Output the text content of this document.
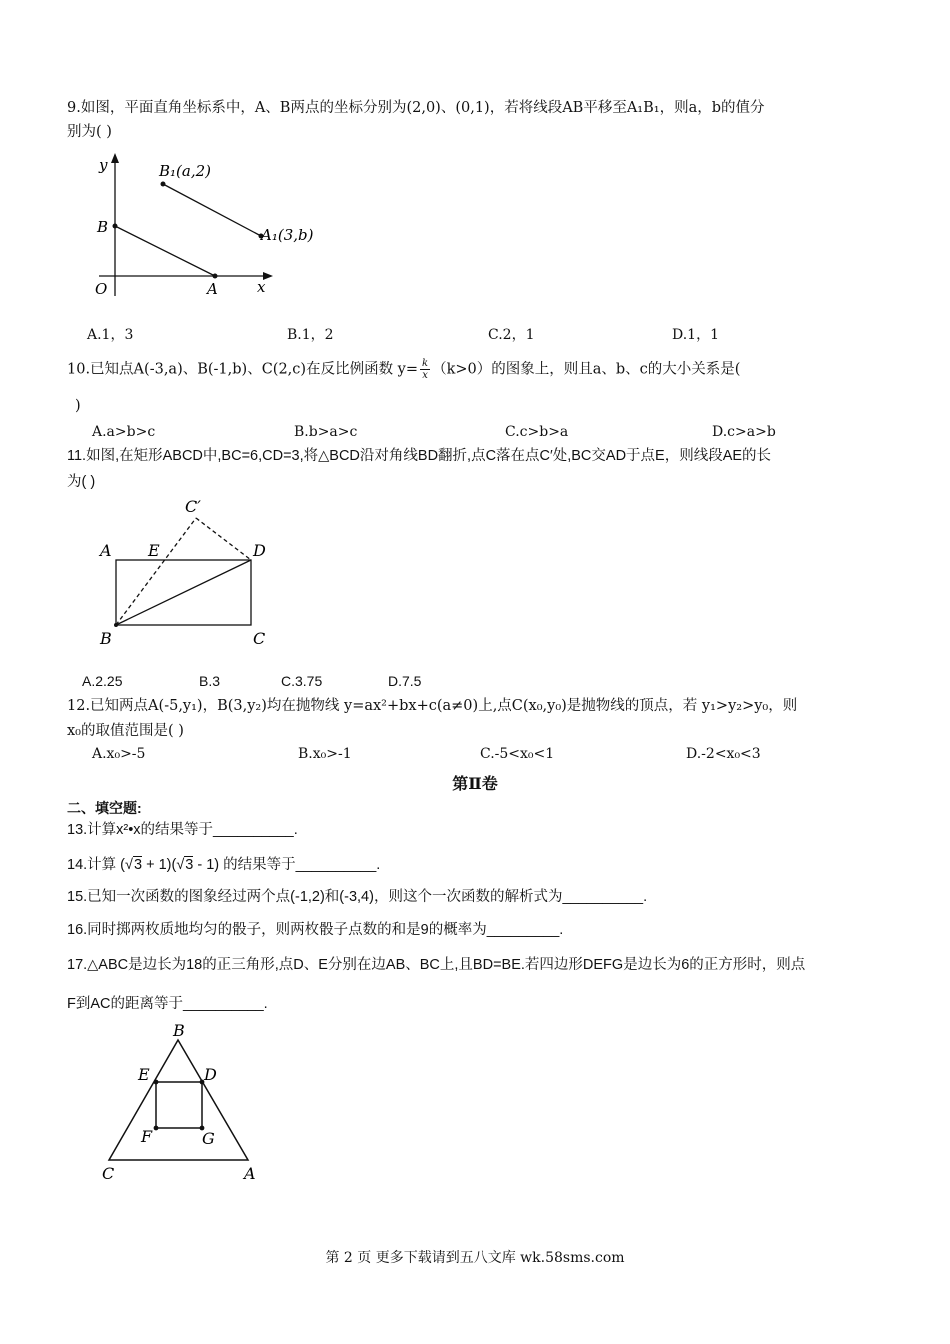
9.如图，平面直角坐标系中，A、B两点的坐标分别为(2,0)、(0,1)，若将线段AB平移至A₁B₁，则a，b的值分
别为( )
y
x
O	A
B
B₁(a,2)
A₁(3,b)
A.1，3	B.1，2	C.2，1	D.1，1
10.已知点A(-3,a)、B(-1,b)、C(2,c)在反比例函数 $y= \frac{k}{x} (k>0)$的图象上，则且a、b、c的大小关系是(
)
A.a>b>c	B.b>a>c	C.c>b>a	D.c>a>b
11.如图,在矩形ABCD中,BC=6,CD=3,将△BCD沿对角线BD翻折,点C落在点C′处,BC交AD于点E，则线段AE的长
为( )
A E	D
B	C
C′
A.2.25	B.3	C.3.75	D.7.5
12.已知两点A(-5,y₁)，B(3,y₂)均在抛物线 y=ax²+bx+c(a≠0)上,点C(x₀,y₀)是抛物线的顶点，若 y₁>y₂>y₀，则
x₀的取值范围是( )
A.x₀>-5	B.x₀>-1	C.-5<x₀<1	D.-2<x₀<3
第Ⅱ卷
二、填空题:
13.计算x²•x的结果等于__________.
14.计算 (√3 + 1)(√3 - 1) 的结果等于__________.
15.已知一次函数的图象经过两个点(-1,2)和(-3,4)，则这个一次函数的解析式为__________.
16.同时掷两枚质地均匀的骰子，则两枚骰子点数的和是9的概率为_________.
17.△ABC是边长为18的正三角形,点D、E分别在边AB、BC上,且BD=BE.若四边形DEFG是边长为6的正方形时，则点
F到AC的距离等于__________.
B
E	D
F	G
C	A
第 2 页 更多下载请到五八文库 wk.58sms.com
